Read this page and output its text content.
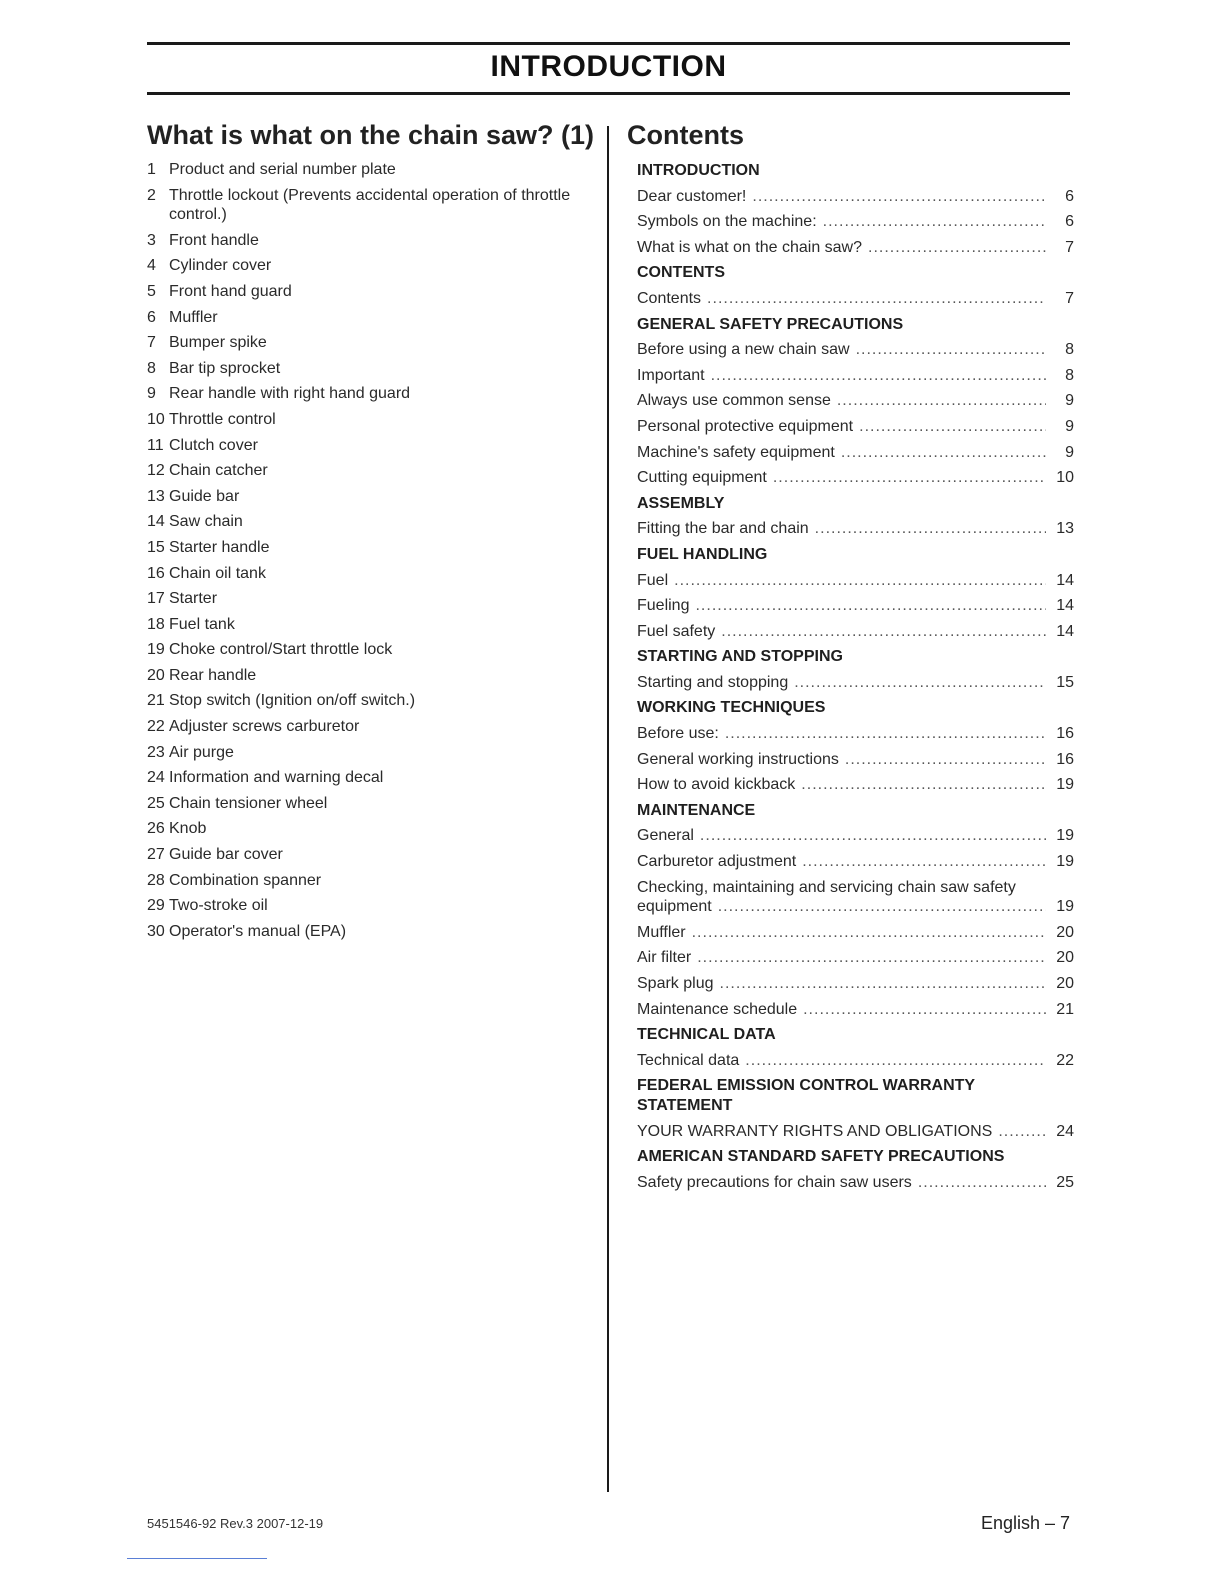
INTRODUCTION
What is what on the chain saw? (1)
1 Product and serial number plate
2 Throttle lockout (Prevents accidental operation of throttle control.)
3 Front handle
4 Cylinder cover
5 Front hand guard
6 Muffler
7 Bumper spike
8 Bar tip sprocket
9 Rear handle with right hand guard
10 Throttle control
11 Clutch cover
12 Chain catcher
13 Guide bar
14 Saw chain
15 Starter handle
16 Chain oil tank
17 Starter
18 Fuel tank
19 Choke control/Start throttle lock
20 Rear handle
21 Stop switch (Ignition on/off switch.)
22 Adjuster screws carburetor
23 Air purge
24 Information and warning decal
25 Chain tensioner wheel
26 Knob
27 Guide bar cover
28 Combination spanner
29 Two-stroke oil
30 Operator's manual (EPA)
Contents
INTRODUCTION
Dear customer! .....	6
Symbols on the machine: .....	6
What is what on the chain saw? .....	7
CONTENTS
Contents .....	7
GENERAL SAFETY PRECAUTIONS
Before using a new chain saw .....	8
Important .....	8
Always use common sense .....	9
Personal protective equipment .....	9
Machine's safety equipment .....	9
Cutting equipment .....	10
ASSEMBLY
Fitting the bar and chain .....	13
FUEL HANDLING
Fuel .....	14
Fueling .....	14
Fuel safety .....	14
STARTING AND STOPPING
Starting and stopping .....	15
WORKING TECHNIQUES
Before use: .....	16
General working instructions .....	16
How to avoid kickback .....	19
MAINTENANCE
General .....	19
Carburetor adjustment .....	19
Checking, maintaining and servicing chain saw safety
equipment .....	19
Muffler .....	20
Air filter .....	20
Spark plug .....	20
Maintenance schedule .....	21
TECHNICAL DATA
Technical data .....	22
FEDERAL EMISSION CONTROL WARRANTY STATEMENT
YOUR WARRANTY RIGHTS AND OBLIGATIONS .....	24
AMERICAN STANDARD SAFETY PRECAUTIONS
Safety precautions for chain saw users .....	25
5451546-92 Rev.3 2007-12-19	English – 7
